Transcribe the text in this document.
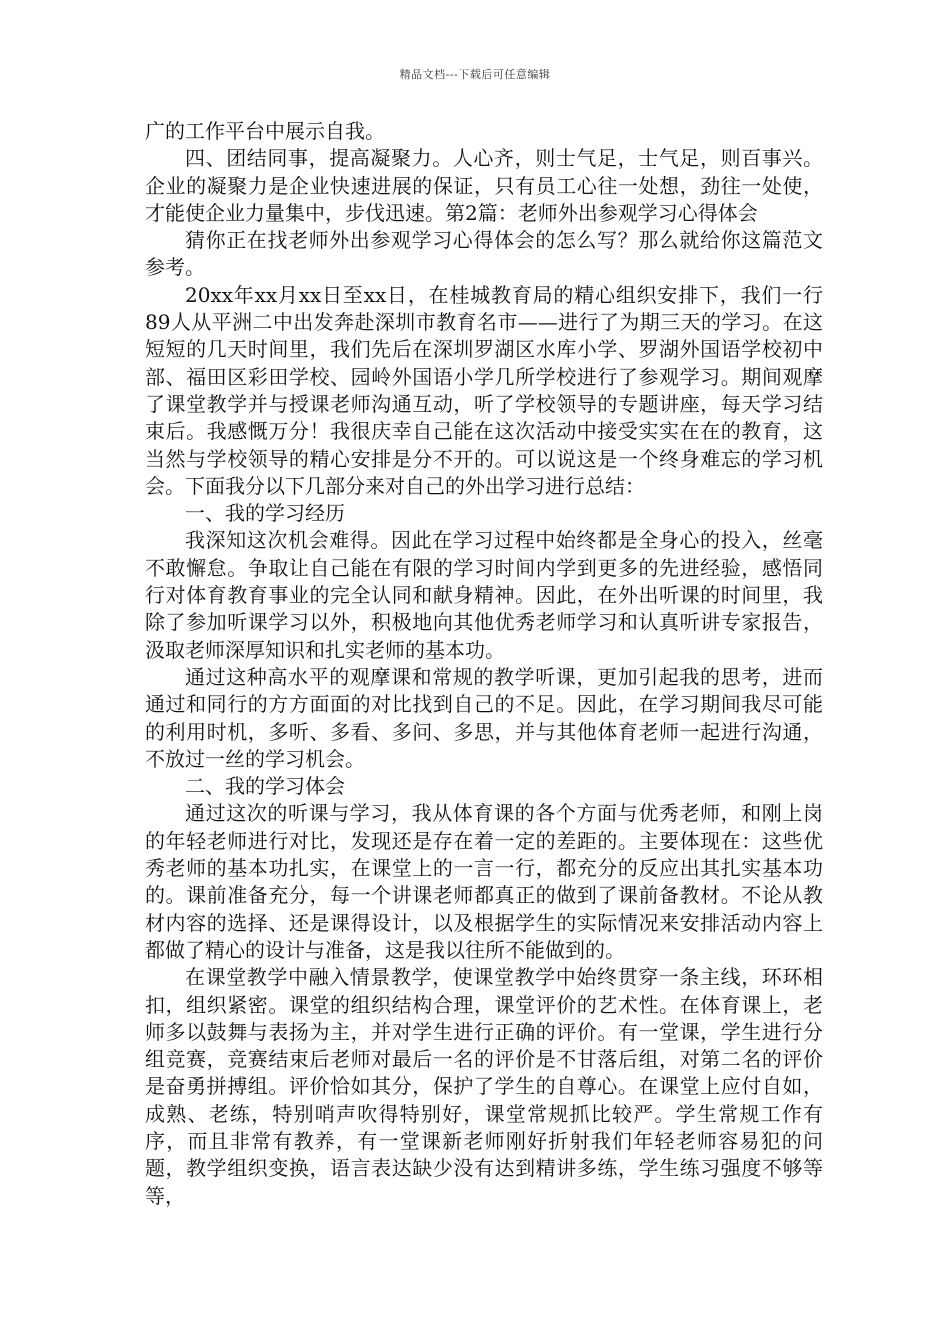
精品文档---下载后可任意编辑

广的工作平台中展示自我。

四、团结同事，提高凝聚力。人心齐，则士气足，士气足，则百事兴。企业的凝聚力是企业快速进展的保证，只有员工心往一处想，劲往一处使，才能使企业力量集中，步伐迅速。第2篇：老师外出参观学习心得体会

猜你正在找老师外出参观学习心得体会的怎么写？那么就给你这篇范文参考。

20xx年xx月xx日至xx日，在桂城教育局的精心组织安排下，我们一行89人从平洲二中出发奔赴深圳市教育名市——进行了为期三天的学习。在这短短的几天时间里，我们先后在深圳罗湖区水库小学、罗湖外国语学校初中部、福田区彩田学校、园岭外国语小学几所学校进行了参观学习。期间观摩了课堂教学并与授课老师沟通互动，听了学校领导的专题讲座，每天学习结束后。我感慨万分！我很庆幸自己能在这次活动中接受实实在在的教育，这当然与学校领导的精心安排是分不开的。可以说这是一个终身难忘的学习机会。下面我分以下几部分来对自己的外出学习进行总结：

一、我的学习经历

我深知这次机会难得。因此在学习过程中始终都是全身心的投入，丝毫不敢懈怠。争取让自己能在有限的学习时间内学到更多的先进经验，感悟同行对体育教育事业的完全认同和献身精神。因此，在外出听课的时间里，我除了参加听课学习以外，积极地向其他优秀老师学习和认真听讲专家报告，汲取老师深厚知识和扎实老师的基本功。

通过这种高水平的观摩课和常规的教学听课，更加引起我的思考，进而通过和同行的方方面面的对比找到自己的不足。因此，在学习期间我尽可能的利用时机，多听、多看、多问、多思，并与其他体育老师一起进行沟通，不放过一丝的学习机会。

二、我的学习体会

通过这次的听课与学习，我从体育课的各个方面与优秀老师，和刚上岗的年轻老师进行对比，发现还是存在着一定的差距的。主要体现在：这些优秀老师的基本功扎实，在课堂上的一言一行，都充分的反应出其扎实基本功的。课前准备充分，每一个讲课老师都真正的做到了课前备教材。不论从教材内容的选择、还是课得设计，以及根据学生的实际情况来安排活动内容上都做了精心的设计与准备，这是我以往所不能做到的。

在课堂教学中融入情景教学，使课堂教学中始终贯穿一条主线，环环相扣，组织紧密。课堂的组织结构合理，课堂评价的艺术性。在体育课上，老师多以鼓舞与表扬为主，并对学生进行正确的评价。有一堂课，学生进行分组竞赛，竞赛结束后老师对最后一名的评价是不甘落后组，对第二名的评价是奋勇拼搏组。评价恰如其分，保护了学生的自尊心。在课堂上应付自如，成熟、老练，特别哨声吹得特别好，课堂常规抓比较严。学生常规工作有序，而且非常有教养，有一堂课新老师刚好折射我们年轻老师容易犯的问题，教学组织变换，语言表达缺少没有达到精讲多练，学生练习强度不够等等，
